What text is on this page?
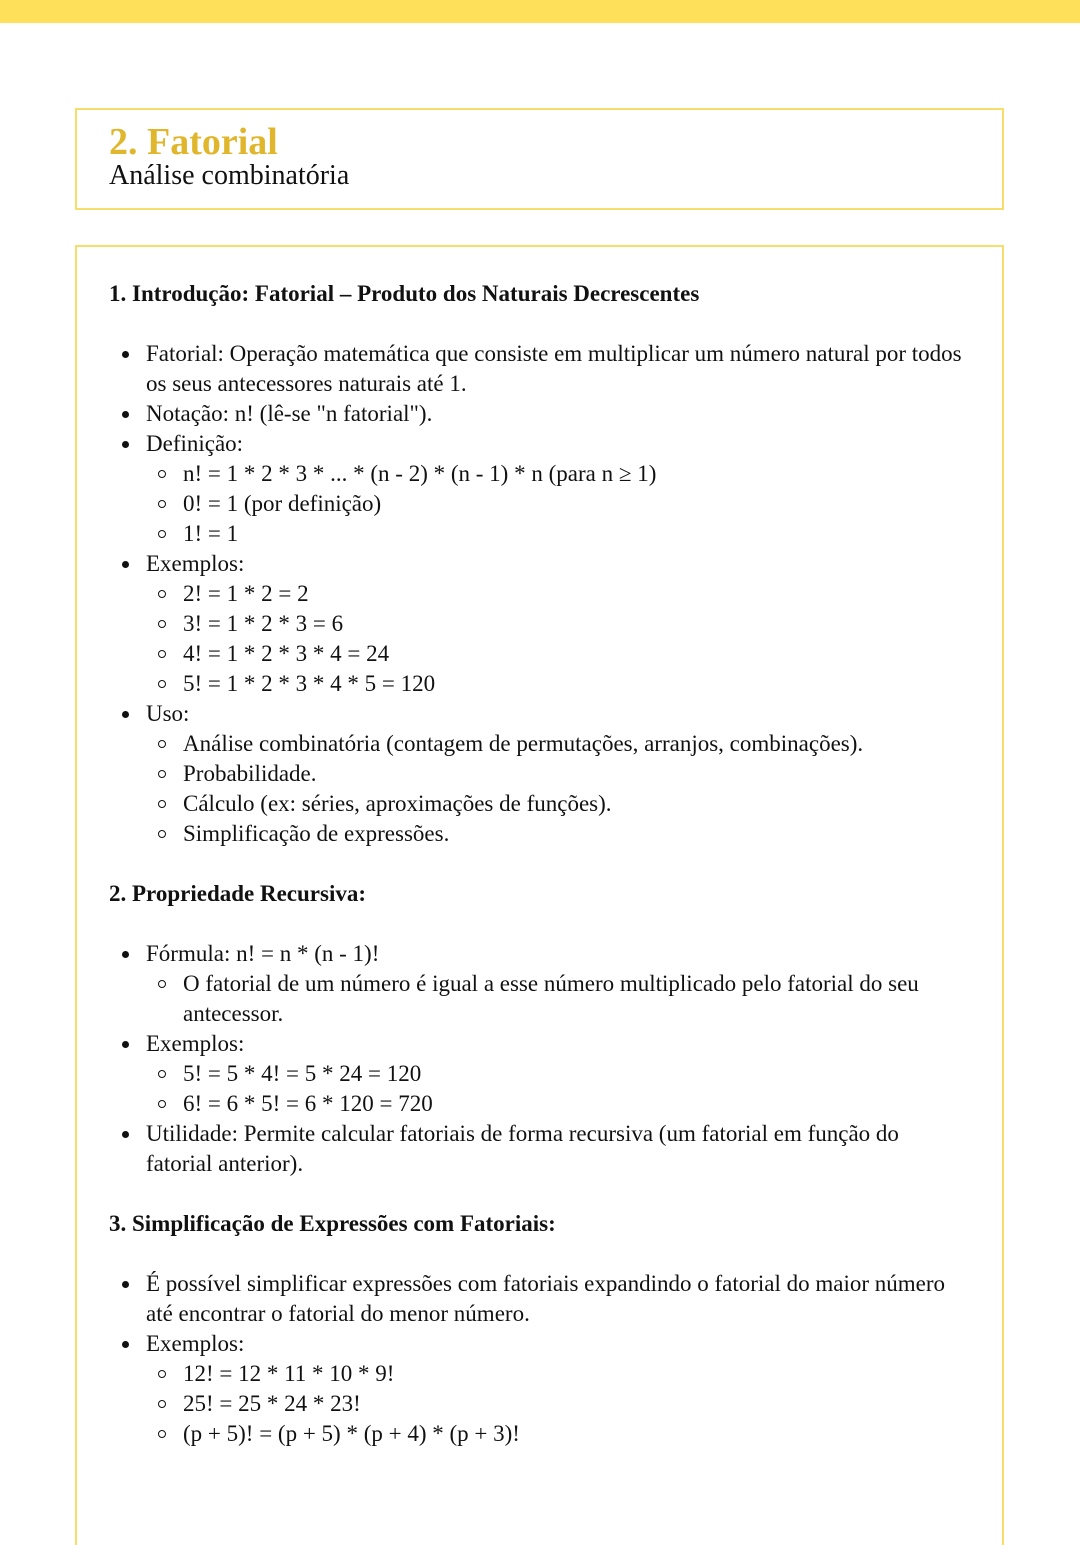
2. Fatorial
Análise combinatória
1. Introdução: Fatorial – Produto dos Naturais Decrescentes
Fatorial: Operação matemática que consiste em multiplicar um número natural por todos os seus antecessores naturais até 1.
Notação: n! (lê-se "n fatorial").
Definição:
n! = 1 * 2 * 3 * ... * (n - 2) * (n - 1) * n (para n ≥ 1)
0! = 1 (por definição)
1! = 1
Exemplos:
2! = 1 * 2 = 2
3! = 1 * 2 * 3 = 6
4! = 1 * 2 * 3 * 4 = 24
5! = 1 * 2 * 3 * 4 * 5 = 120
Uso:
Análise combinatória (contagem de permutações, arranjos, combinações).
Probabilidade.
Cálculo (ex: séries, aproximações de funções).
Simplificação de expressões.
2. Propriedade Recursiva:
Fórmula: n! = n * (n - 1)!
O fatorial de um número é igual a esse número multiplicado pelo fatorial do seu antecessor.
Exemplos:
5! = 5 * 4! = 5 * 24 = 120
6! = 6 * 5! = 6 * 120 = 720
Utilidade: Permite calcular fatoriais de forma recursiva (um fatorial em função do fatorial anterior).
3. Simplificação de Expressões com Fatoriais:
É possível simplificar expressões com fatoriais expandindo o fatorial do maior número até encontrar o fatorial do menor número.
Exemplos:
12! = 12 * 11 * 10 * 9!
25! = 25 * 24 * 23!
(p + 5)! = (p + 5) * (p + 4) * (p + 3)!
